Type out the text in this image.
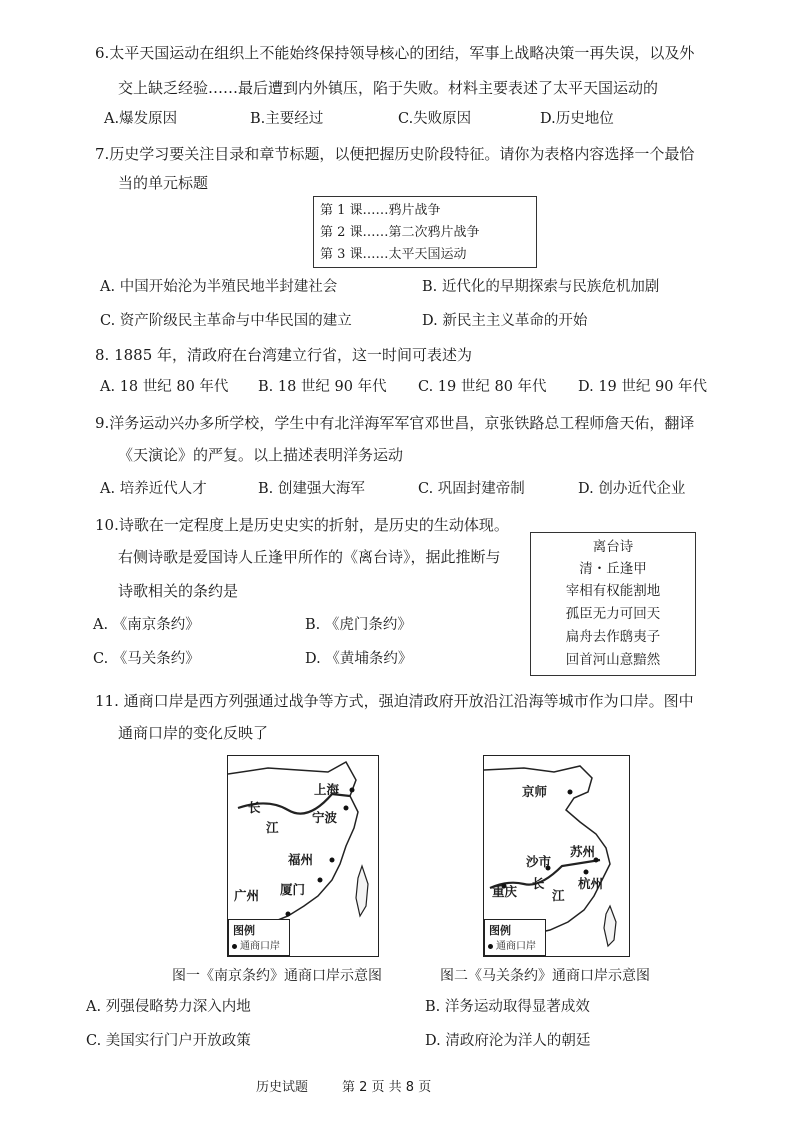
6.太平天国运动在组织上不能始终保持领导核心的团结，军事上战略决策一再失误，以及外
交上缺乏经验……最后遭到内外镇压，陷于失败。材料主要表述了太平天国运动的
A.爆发原因	B.主要经过	C.失败原因	D.历史地位
7.历史学习要关注目录和章节标题，以便把握历史阶段特征。请你为表格内容选择一个最恰
当的单元标题
第 1 课……鸦片战争
第 2 课……第二次鸦片战争
第 3 课……太平天国运动
A. 中国开始沦为半殖民地半封建社会	B. 近代化的早期探索与民族危机加剧
C. 资产阶级民主革命与中华民国的建立	D. 新民主主义革命的开始
8. 1885 年，清政府在台湾建立行省，这一时间可表述为
A. 18 世纪 80 年代 B. 18 世纪 90 年代 C. 19 世纪 80 年代 D. 19 世纪 90 年代
9.洋务运动兴办多所学校，学生中有北洋海军军官邓世昌，京张铁路总工程师詹天佑，翻译
《天演论》的严复。以上描述表明洋务运动
A. 培养近代人才	B. 创建强大海军	C. 巩固封建帝制	D. 创办近代企业
10.诗歌在一定程度上是历史史实的折射，是历史的生动体现。
右侧诗歌是爱国诗人丘逢甲所作的《离台诗》，据此推断与
诗歌相关的条约是
A. 《南京条约》	B. 《虎门条约》
C. 《马关条约》	D. 《黄埔条约》
离台诗
清・丘逢甲
宰相有权能割地
孤臣无力可回天
扁舟去作鸱夷子
回首河山意黯然
11. 通商口岸是西方列强通过战争等方式，强迫清政府开放沿江沿海等城市作为口岸。图中
通商口岸的变化反映了
上海
长
江
宁波
福州
厦门
广州
图例
通商口岸
京师
苏州
沙市
长
江
杭州
重庆
图例
通商口岸
图一《南京条约》通商口岸示意图	图二《马关条约》通商口岸示意图
A. 列强侵略势力深入内地	B. 洋务运动取得显著成效
C. 美国实行门户开放政策	D. 清政府沦为洋人的朝廷
历史试题	第 2 页 共 8 页
